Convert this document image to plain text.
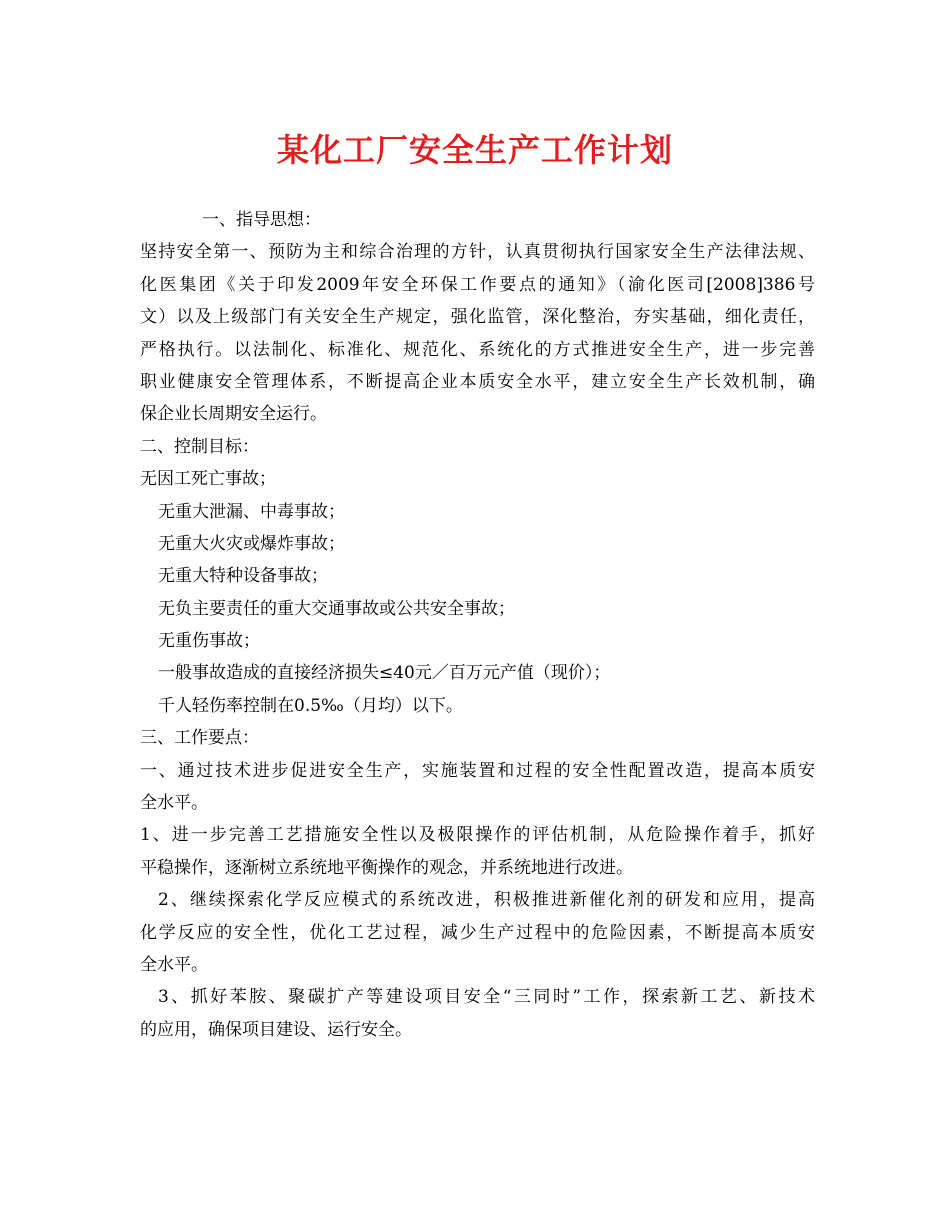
某化工厂安全生产工作计划
一、指导思想：
坚持安全第一、预防为主和综合治理的方针，认真贯彻执行国家安全生产法律法规、
化医集团《关于印发2009年安全环保工作要点的通知》（渝化医司[2008]386号
文）以及上级部门有关安全生产规定，强化监管，深化整治，夯实基础，细化责任，
严格执行。以法制化、标准化、规范化、系统化的方式推进安全生产，进一步完善
职业健康安全管理体系，不断提高企业本质安全水平，建立安全生产长效机制，确
保企业长周期安全运行。
二、控制目标：
无因工死亡事故；
无重大泄漏、中毒事故；
无重大火灾或爆炸事故；
无重大特种设备事故；
无负主要责任的重大交通事故或公共安全事故；
无重伤事故；
一般事故造成的直接经济损失≤40元／百万元产值（现价）；
千人轻伤率控制在0.5‰（月均）以下。
三、工作要点：
一、通过技术进步促进安全生产，实施装置和过程的安全性配置改造，提高本质安
全水平。
1、进一步完善工艺措施安全性以及极限操作的评估机制，从危险操作着手，抓好
平稳操作，逐渐树立系统地平衡操作的观念，并系统地进行改进。
2、继续探索化学反应模式的系统改进，积极推进新催化剂的研发和应用，提高
化学反应的安全性，优化工艺过程，减少生产过程中的危险因素，不断提高本质安
全水平。
3、抓好苯胺、聚碳扩产等建设项目安全“三同时”工作，探索新工艺、新技术
的应用，确保项目建设、运行安全。
